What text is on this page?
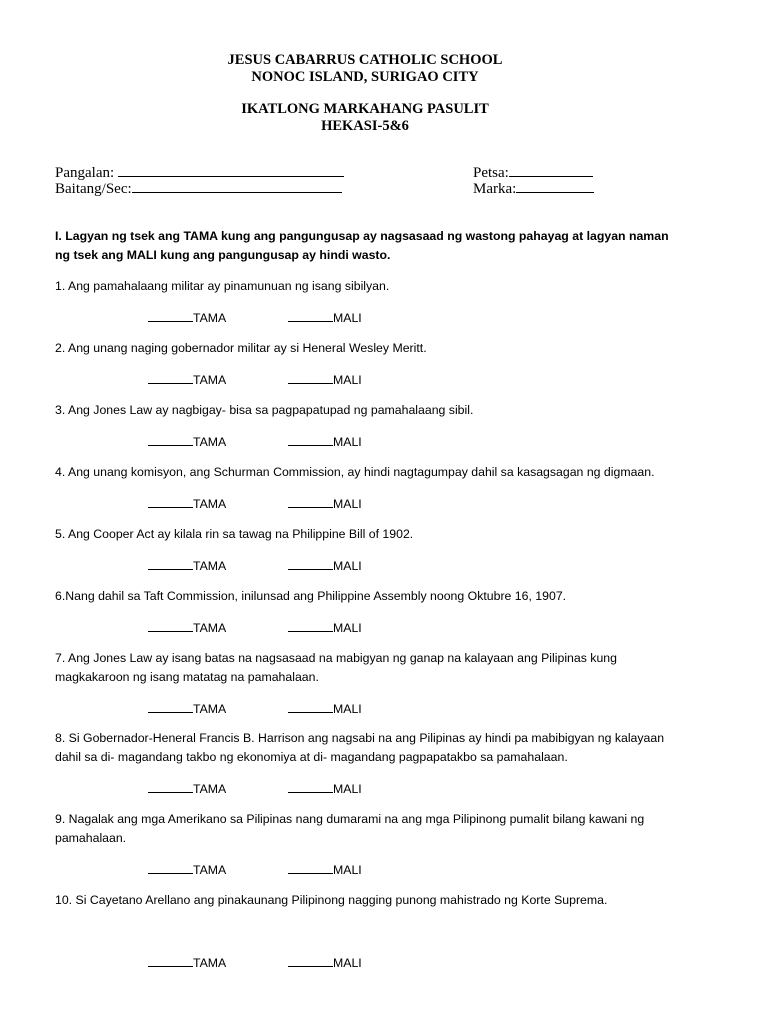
JESUS CABARRUS CATHOLIC SCHOOL
NONOC ISLAND, SURIGAO CITY
IKATLONG MARKAHANG PASULIT
HEKASI-5&6
Pangalan:
Baitang/Sec:
Petsa:
Marka:
I. Lagyan ng tsek ang TAMA kung ang pangungusap ay nagsasaad ng wastong pahayag at lagyan naman ng tsek ang MALI kung ang pangungusap ay hindi wasto.
1. Ang pamahalaang militar ay pinamunuan ng isang sibilyan.
TAMA	MALI
2. Ang unang naging gobernador militar ay si Heneral Wesley Meritt.
TAMA	MALI
3. Ang Jones Law ay nagbigay- bisa sa pagpapatupad ng pamahalaang sibil.
TAMA	MALI
4. Ang unang komisyon, ang Schurman Commission, ay hindi nagtagumpay dahil sa kasagsagan ng digmaan.
TAMA	MALI
5. Ang Cooper Act ay kilala rin sa tawag na Philippine Bill of 1902.
TAMA	MALI
6.Nang dahil sa Taft Commission, inilunsad ang Philippine Assembly noong Oktubre 16, 1907.
TAMA	MALI
7. Ang Jones Law ay isang batas na nagsasaad na mabigyan ng ganap na kalayaan ang Pilipinas kung magkakaroon ng isang matatag na pamahalaan.
TAMA	MALI
8. Si Gobernador-Heneral Francis B. Harrison ang nagsabi na ang Pilipinas ay hindi pa mabibigyan ng kalayaan dahil sa di- magandang takbo ng ekonomiya at di- magandang pagpapatakbo sa pamahalaan.
TAMA	MALI
9. Nagalak ang mga Amerikano sa Pilipinas nang dumarami na ang mga Pilipinong pumalit bilang kawani ng pamahalaan.
TAMA	MALI
10. Si Cayetano Arellano ang pinakaunang Pilipinong nagging punong mahistrado ng Korte Suprema.
TAMA	MALI
